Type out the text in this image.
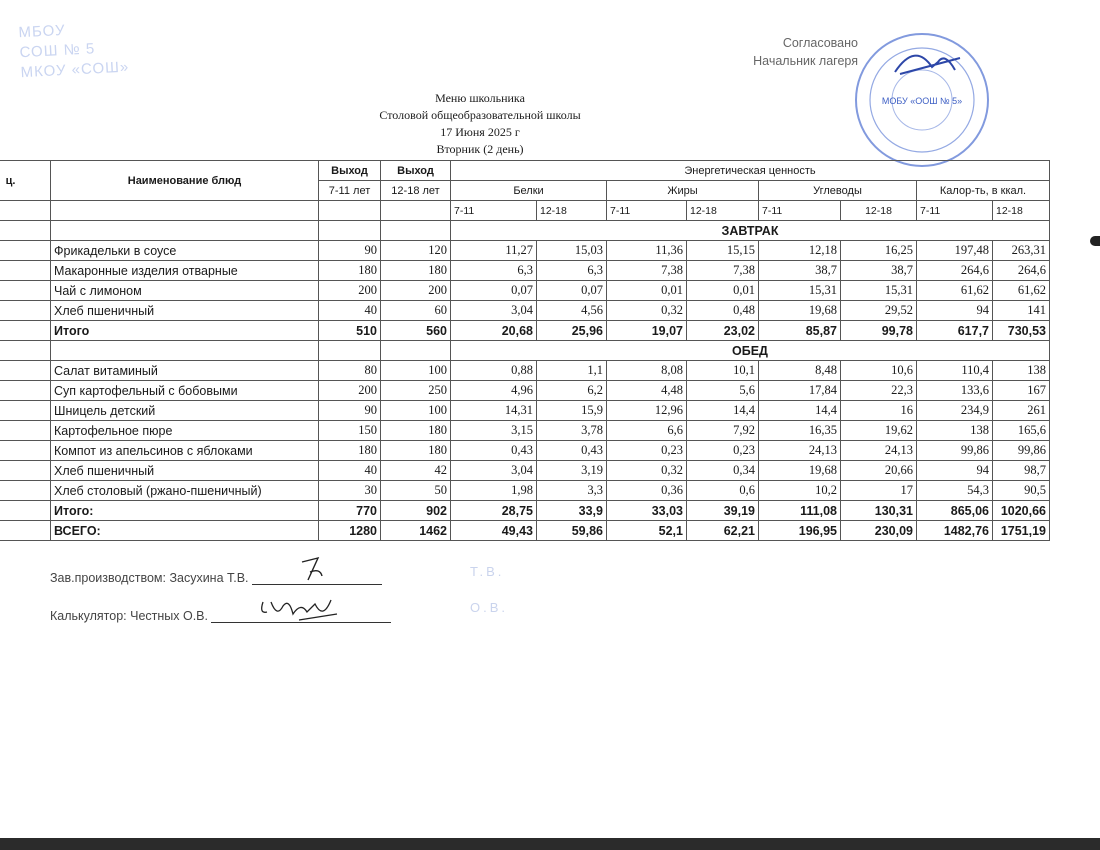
МБОУ
СОШ № 5
МКОУ «СОШ»
Согласовано
Начальник лагеря
МОБУ «ООШ № 5»
Меню школьника
Столовой общеобразовательной школы
17 Июня 2025 г
Вторник (2 день)
ц.	Наименование блюд	Выход	Выход	Энергетическая ценность							
		7-11 лет	12-18 лет	Белки		Жиры		Углеводы		Калор-ть, в ккал.	
				7-11	12-18	7-11	12-18	7-11	12-18	7-11	12-18
				ЗАВТРАК							
	Фрикадельки в соусе	90	120	11,27	15,03	11,36	15,15	12,18	16,25	197,48	263,31
	Макаронные изделия отварные	180	180	6,3	6,3	7,38	7,38	38,7	38,7	264,6	264,6
	Чай с лимоном	200	200	0,07	0,07	0,01	0,01	15,31	15,31	61,62	61,62
	Хлеб пшеничный	40	60	3,04	4,56	0,32	0,48	19,68	29,52	94	141
	Итого	510	560	20,68	25,96	19,07	23,02	85,87	99,78	617,7	730,53
				ОБЕД							
	Салат витаминый	80	100	0,88	1,1	8,08	10,1	8,48	10,6	110,4	138
	Суп картофельный с бобовыми	200	250	4,96	6,2	4,48	5,6	17,84	22,3	133,6	167
	Шницель детский	90	100	14,31	15,9	12,96	14,4	14,4	16	234,9	261
	Картофельное пюре	150	180	3,15	3,78	6,6	7,92	16,35	19,62	138	165,6
	Компот из апельсинов с яблоками	180	180	0,43	0,43	0,23	0,23	24,13	24,13	99,86	99,86
	Хлеб пшеничный	40	42	3,04	3,19	0,32	0,34	19,68	20,66	94	98,7
	Хлеб столовый (ржано-пшеничный)	30	50	1,98	3,3	0,36	0,6	10,2	17	54,3	90,5
	Итого:	770	902	28,75	33,9	33,03	39,19	111,08	130,31	865,06	1020,66
	ВСЕГО:	1280	1462	49,43	59,86	52,1	62,21	196,95	230,09	1482,76	1751,19
Зав.производством: Засухина Т.В.	Т.В.
Калькулятор: Честных О.В.
О.В.
